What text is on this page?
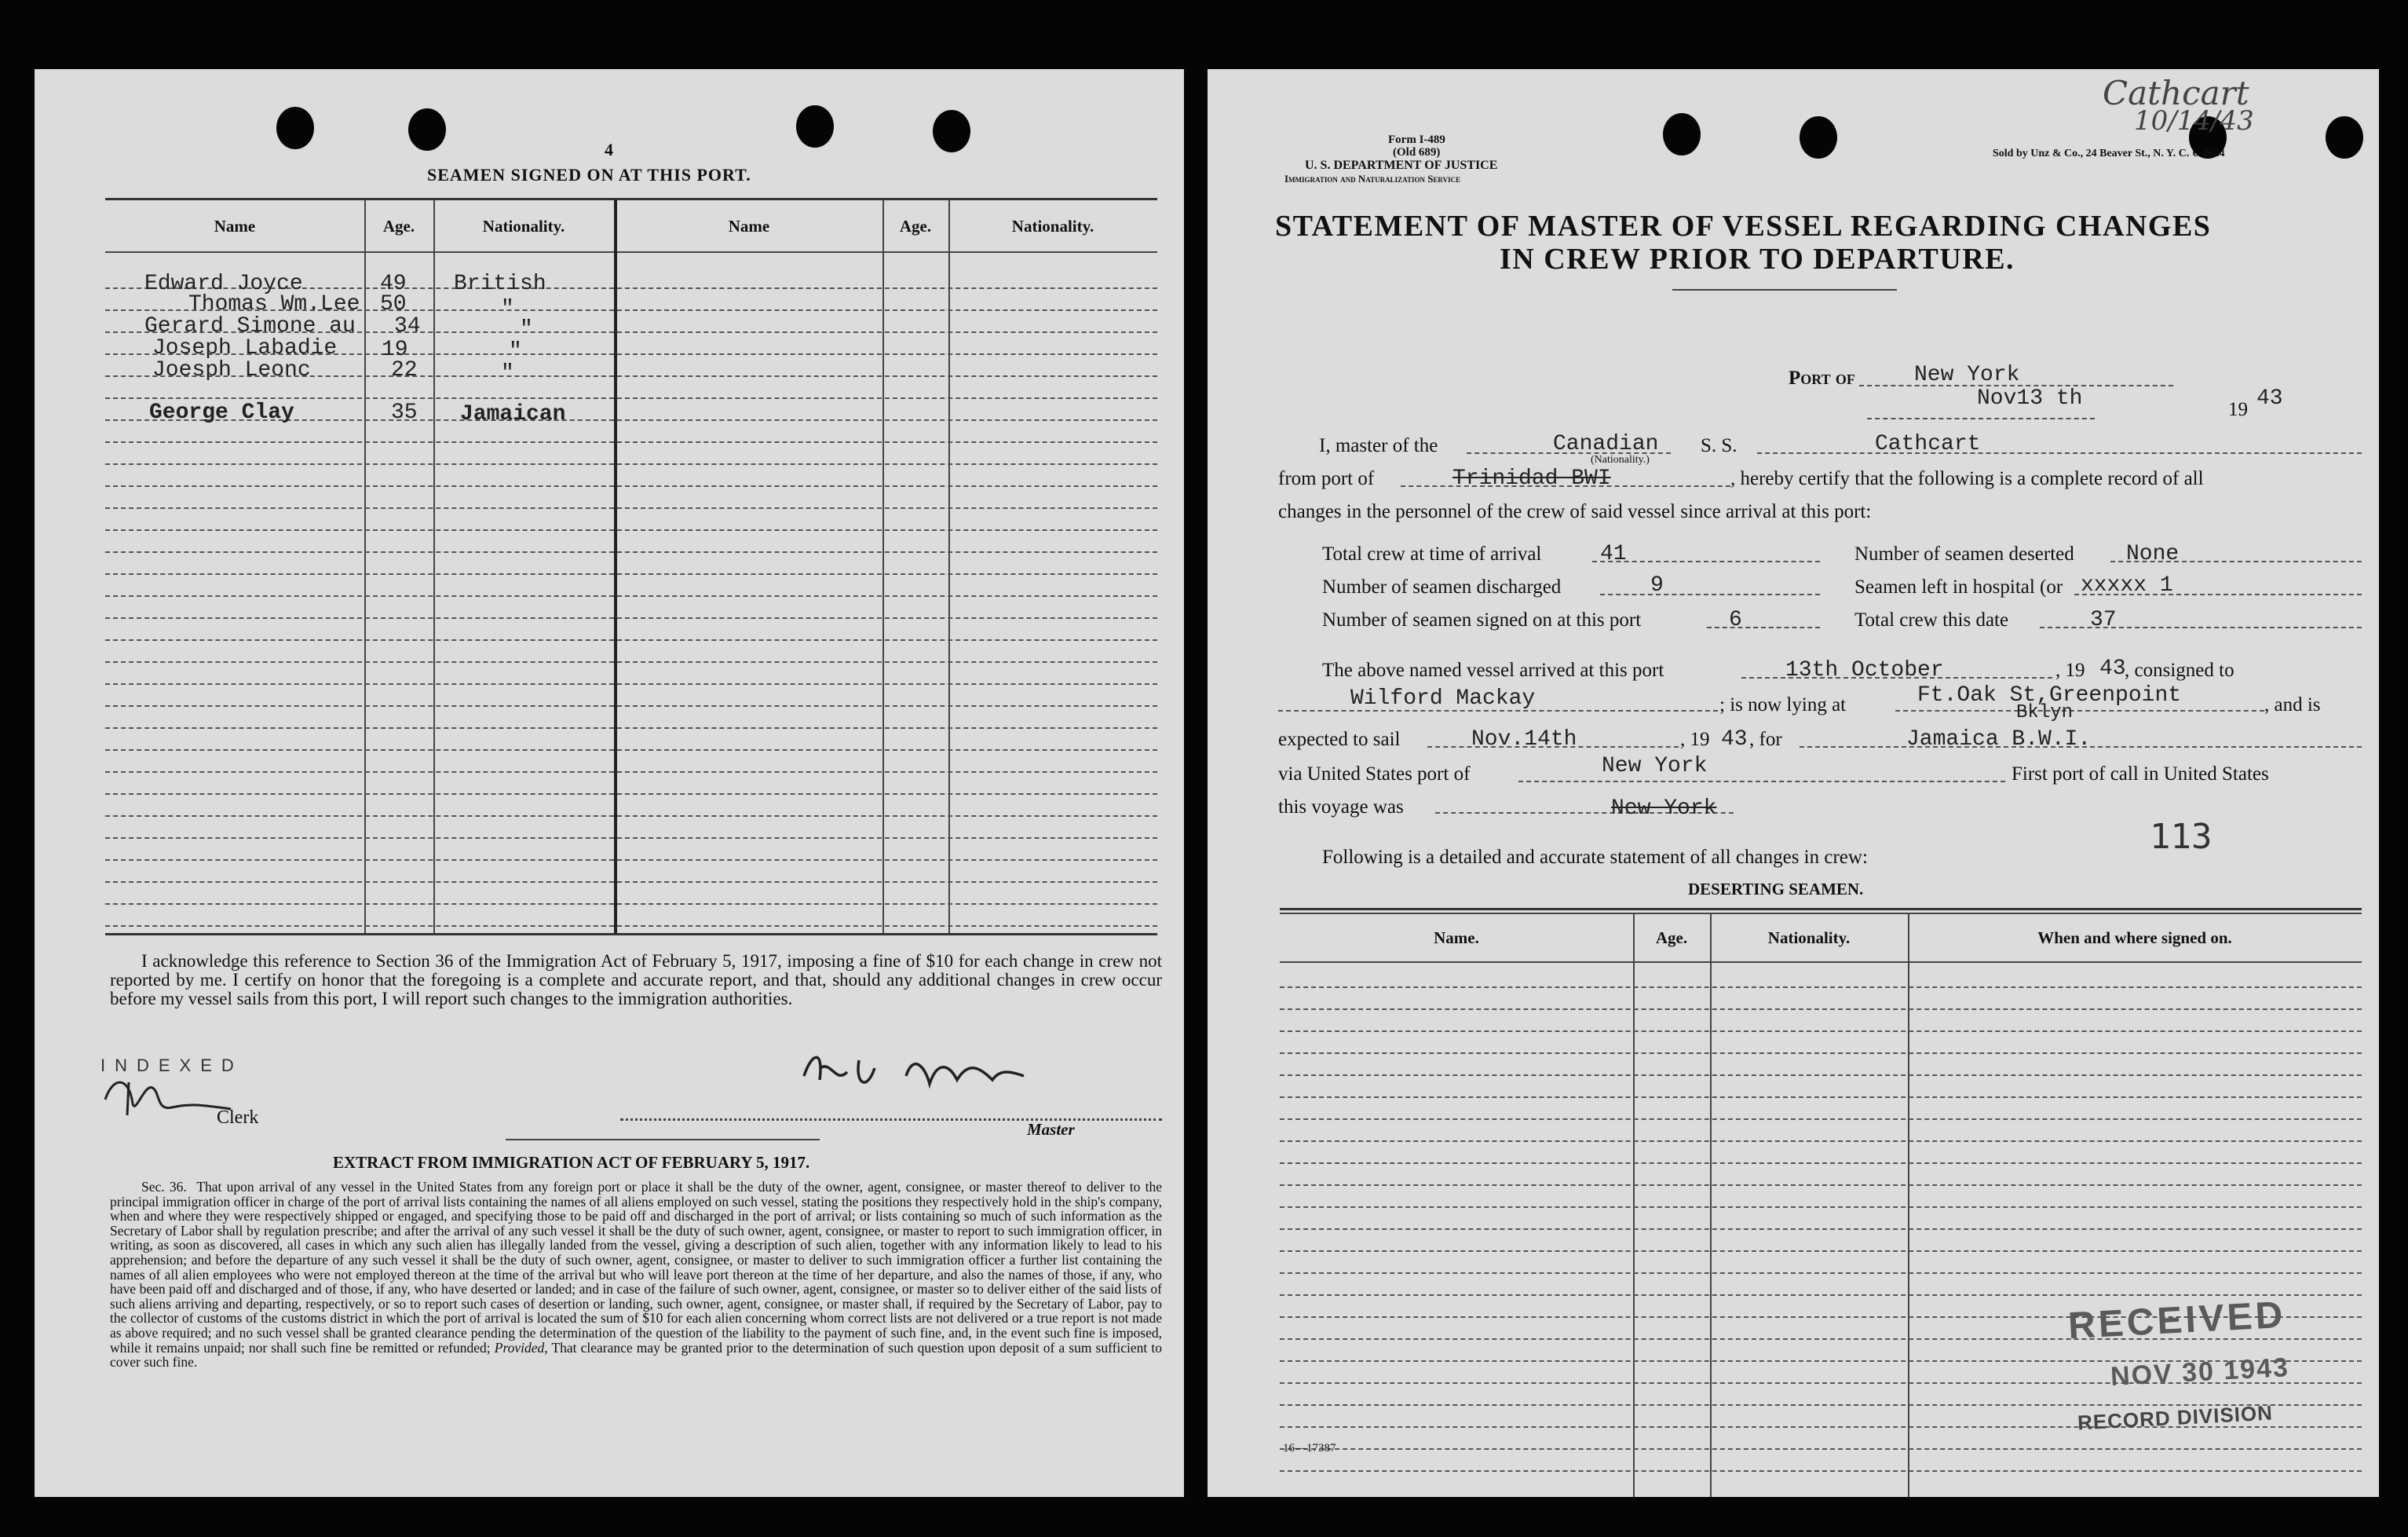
4
SEAMEN SIGNED ON AT THIS PORT.
Name	Age.	Nationality.	Name	Age.	Nationality.
Edward Joyce	49 British
Thomas Wm.Lee 50	"
Gerard Simone au 34	"
Joseph Labadie 19	"
Joesph Leonc	22	"
George Clay	35 Jamaican
I acknowledge this reference to Section 36 of the Immigration Act of February 5, 1917, imposing a fine of $10 for each change in crew not reported by me. I certify on honor that the foregoing is a complete and accurate report, and that, should any additional changes in crew occur before my vessel sails from this port, I will report such changes to the immigration authorities.
INDEXED
Clerk
Master
EXTRACT FROM IMMIGRATION ACT OF FEBRUARY 5, 1917.
Sec. 36. That upon arrival of any vessel in the United States from any foreign port or place it shall be the duty of the owner, agent, consignee, or master thereof to deliver to the principal immigration officer in charge of the port of arrival lists containing the names of all aliens employed on such vessel, stating the positions they respectively hold in the ship's company, when and where they were respectively shipped or engaged, and specifying those to be paid off and discharged in the port of arrival; or lists containing so much of such information as the Secretary of Labor shall by regulation prescribe; and after the arrival of any such vessel it shall be the duty of such owner, agent, consignee, or master to report to such immigration officer, in writing, as soon as discovered, all cases in which any such alien has illegally landed from the vessel, giving a description of such alien, together with any information likely to lead to his apprehension; and before the departure of any such vessel it shall be the duty of such owner, agent, consignee, or master to deliver to such immigration officer a further list containing the names of all alien employees who were not employed thereon at the time of the arrival but who will leave port thereon at the time of her departure, and also the names of those, if any, who have been paid off and discharged and of those, if any, who have deserted or landed; and in case of the failure of such owner, agent, consignee, or master so to deliver either of the said lists of such aliens arriving and departing, respectively, or so to report such cases of desertion or landing, such owner, agent, consignee, or master shall, if required by the Secretary of Labor, pay to the collector of customs of the customs district in which the port of arrival is located the sum of $10 for each alien concerning whom correct lists are not delivered or a true report is not made as above required; and no such vessel shall be granted clearance pending the determination of the question of the liability to the payment of such fine, and, in the event such fine is imposed, while it remains unpaid; nor shall such fine be remitted or refunded; Provided, That clearance may be granted prior to the determination of such question upon deposit of a sum sufficient to cover such fine.
Form I-489
(Old 689)
U. S. DEPARTMENT OF JUSTICE
Immigration and Naturalization Service
Cathcart
10/14/43
Sold by Unz & Co., 24 Beaver St., N. Y. C. U 4624
STATEMENT OF MASTER OF VESSEL REGARDING CHANGES
IN CREW PRIOR TO DEPARTURE.
Port of	New York
Nov13 th	19 43
I, master of the	Canadian
(Nationality.)
S. S.	Cathcart
from port of	Trinidad BWI	, hereby certify that the following is a complete record of all
changes in the personnel of the crew of said vessel since arrival at this port:
Total crew at time of arrival	41	Number of seamen deserted None
Number of seamen discharged	9	Seamen left in hospital (or xxxxx 1
Number of seamen signed on at this port	6	Total crew this date	37
The above named vessel arrived at this port	13th October	, 19 43
, consigned to
Wilford Mackay	; is now lying at	Ft.Oak St,Greenpoint
Bklyn	, and is
expected to sail	Nov.14th	, 19 43 , for	Jamaica B.W.I.
via United States port of	New York	First port of call in United States
this voyage was	New York
113
Following is a detailed and accurate statement of all changes in crew:
DESERTING SEAMEN.
Name.	Age.	Nationality.	When and where signed on.
RECEIVED
NOV 30 1943
RECORD DIVISION
16—17387
